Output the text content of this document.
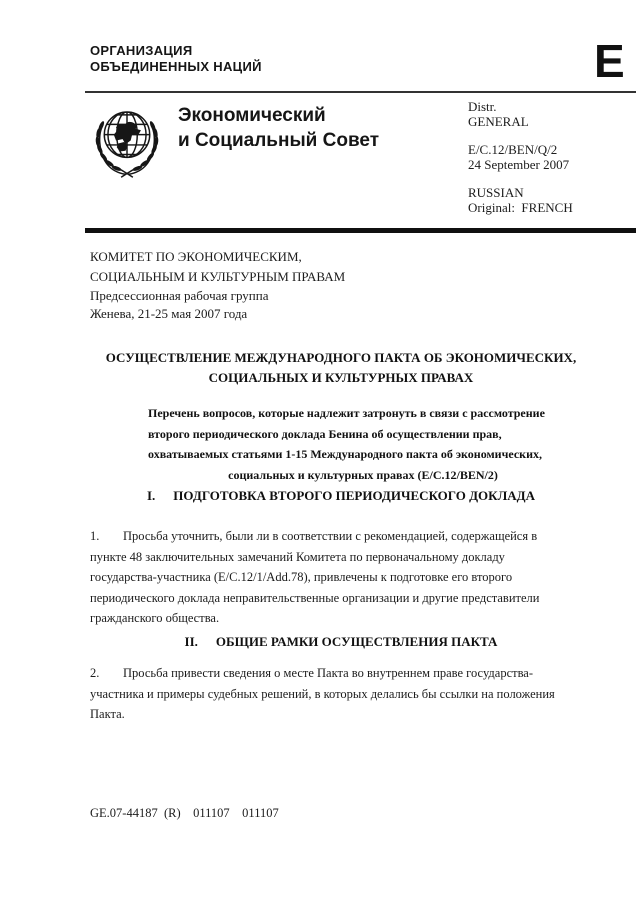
ОРГАНИЗАЦИЯ
ОБЪЕДИНЕННЫХ НАЦИЙ	E
Экономический
и Социальный Совет
Distr.
GENERAL
E/C.12/BEN/Q/2
24 September 2007
RUSSIAN
Original:  FRENCH
КОМИТЕТ ПО ЭКОНОМИЧЕСКИМ,
СОЦИАЛЬНЫМ И КУЛЬТУРНЫМ ПРАВАМ
Предсессионная рабочая группа
Женева, 21-25 мая 2007 года
ОСУЩЕСТВЛЕНИЕ МЕЖДУНАРОДНОГО ПАКТА ОБ ЭКОНОМИЧЕСКИХ,
СОЦИАЛЬНЫХ И КУЛЬТУРНЫХ ПРАВАХ
Перечень вопросов, которые надлежит затронуть в связи с рассмотрение
второго периодического доклада Бенина об осуществлении прав,
охватываемых статьями 1-15 Международного пакта об экономических,
социальных и культурных правах (E/C.12/BEN/2)
I. ПОДГОТОВКА ВТОРОГО ПЕРИОДИЧЕСКОГО ДОКЛАДА
1. Просьба уточнить, были ли в соответствии с рекомендацией, содержащейся в пункте 48 заключительных замечаний Комитета по первоначальному докладу государства-участника (E/C.12/1/Add.78), привлечены к подготовке его второго периодического доклада неправительственные организации и другие представители гражданского общества.
II. ОБЩИЕ РАМКИ ОСУЩЕСТВЛЕНИЯ ПАКТА
2. Просьба привести сведения о месте Пакта во внутреннем праве государства-участника и примеры судебных решений, в которых делались бы ссылки на положения Пакта.
GE.07-44187  (R)    011107    011107
